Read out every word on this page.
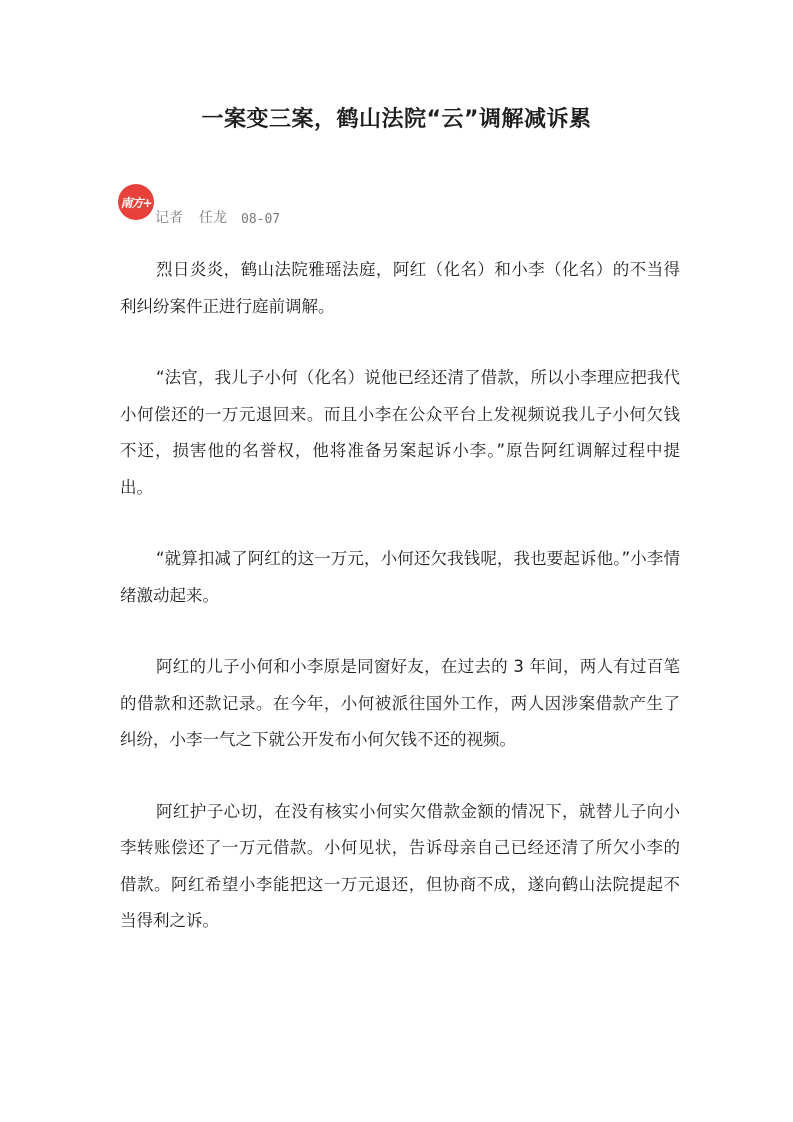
一案变三案，鹤山法院“云”调解减诉累
南方+
记者 任龙 08-07

烈日炎炎，鹤山法院雅瑶法庭，阿红（化名）和小李（化名）的不当得利纠纷案件正进行庭前调解。

“法官，我儿子小何（化名）说他已经还清了借款，所以小李理应把我代小何偿还的一万元退回来。而且小李在公众平台上发视频说我儿子小何欠钱不还，损害他的名誉权，他将准备另案起诉小李。”原告阿红调解过程中提出。

“就算扣减了阿红的这一万元，小何还欠我钱呢，我也要起诉他。”小李情绪激动起来。

阿红的儿子小何和小李原是同窗好友，在过去的 3 年间，两人有过百笔的借款和还款记录。在今年，小何被派往国外工作，两人因涉案借款产生了纠纷，小李一气之下就公开发布小何欠钱不还的视频。

阿红护子心切，在没有核实小何实欠借款金额的情况下，就替儿子向小李转账偿还了一万元借款。小何见状，告诉母亲自己已经还清了所欠小李的借款。阿红希望小李能把这一万元退还，但协商不成，遂向鹤山法院提起不当得利之诉。
